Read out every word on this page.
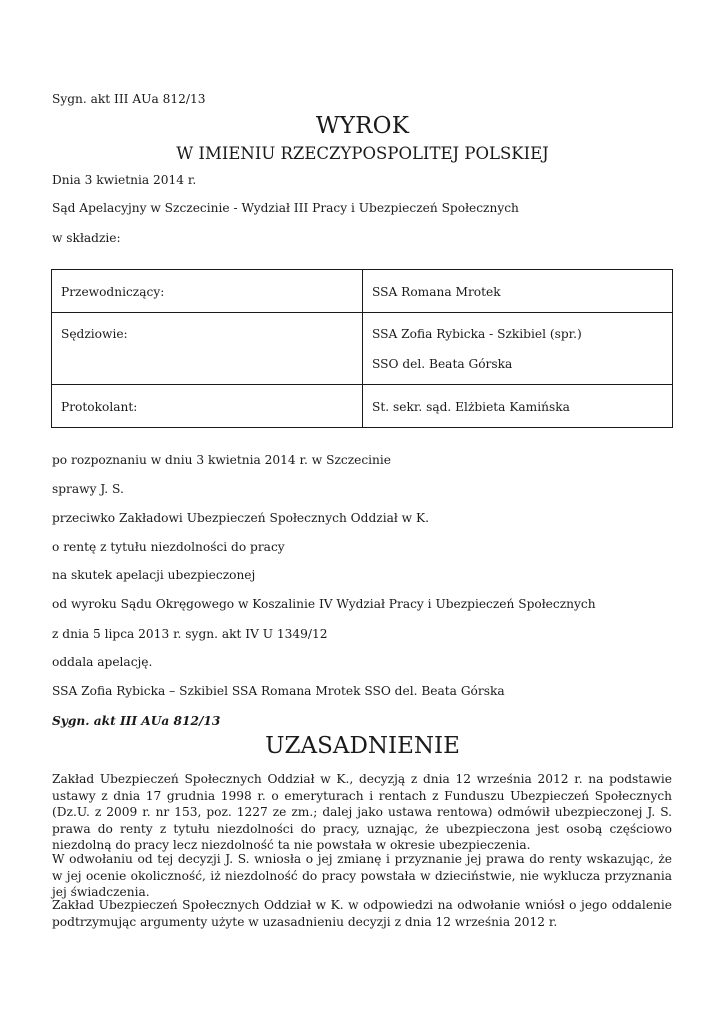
Sygn. akt III AUa 812/13
WYROK
W IMIENIU RZECZYPOSPOLITEJ POLSKIEJ
Dnia 3 kwietnia 2014 r.
Sąd Apelacyjny w Szczecinie - Wydział III Pracy i Ubezpieczeń Społecznych
w składzie:
Przewodniczący:	SSA Romana Mrotek

Sędziowie:	SSA Zofia Rybicka - Szkibiel (spr.)
SSO del. Beata Górska

Protokolant:	St. sekr. sąd. Elżbieta Kamińska
po rozpoznaniu w dniu 3 kwietnia 2014 r. w Szczecinie
sprawy J. S.
przeciwko Zakładowi Ubezpieczeń Społecznych Oddział w K.
o rentę z tytułu niezdolności do pracy
na skutek apelacji ubezpieczonej
od wyroku Sądu Okręgowego w Koszalinie IV Wydział Pracy i Ubezpieczeń Społecznych
z dnia 5 lipca 2013 r. sygn. akt IV U 1349/12
oddala apelację.
SSA Zofia Rybicka – Szkibiel SSA Romana Mrotek SSO del. Beata Górska
Sygn. akt III AUa 812/13
UZASADNIENIE
Zakład Ubezpieczeń Społecznych Oddział w K., decyzją z dnia 12 września 2012 r. na podstawie ustawy z dnia 17 grudnia 1998 r. o emeryturach i rentach z Funduszu Ubezpieczeń Społecznych (Dz.U. z 2009 r. nr 153, poz. 1227 ze zm.; dalej jako ustawa rentowa) odmówił ubezpieczonej J. S. prawa do renty z tytułu niezdolności do pracy, uznając, że ubezpieczona jest osobą częściowo niezdolną do pracy lecz niezdolność ta nie powstała w okresie ubezpieczenia.
W odwołaniu od tej decyzji J. S. wniosła o jej zmianę i przyznanie jej prawa do renty wskazując, że w jej ocenie okoliczność, iż niezdolność do pracy powstała w dzieciństwie, nie wyklucza przyznania jej świadczenia.
Zakład Ubezpieczeń Społecznych Oddział w K. w odpowiedzi na odwołanie wniósł o jego oddalenie podtrzymując argumenty użyte w uzasadnieniu decyzji z dnia 12 września 2012 r.
